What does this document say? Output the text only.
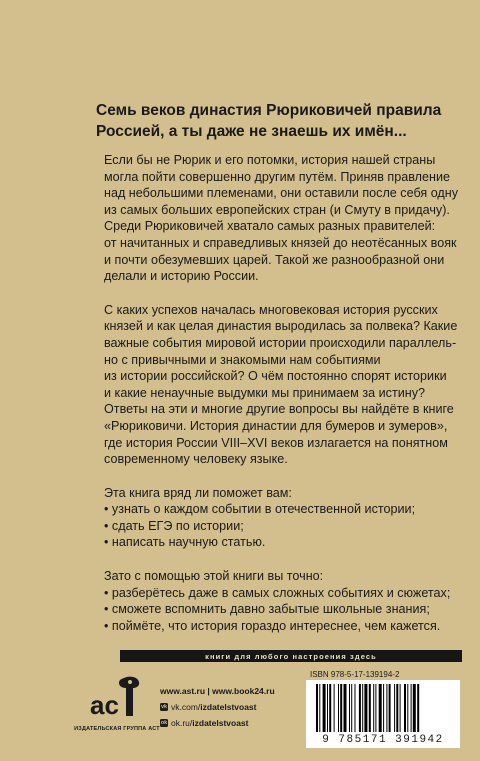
Семь веков династия Рюриковичей правила Россией, а ты даже не знаешь их имён...

Если бы не Рюрик и его потомки, история нашей страны
могла пойти совершенно другим путём. Приняв правление
над небольшими племенами, они оставили после себя одну
из самых больших европейских стран (и Смуту в придачу).
Среди Рюриковичей хватало самых разных правителей:
от начитанных и справедливых князей до неотёсанных вояк
и почти обезумевших царей. Такой же разнообразной они
делали и историю России.

С каких успехов началась многовековая история русских
князей и как целая династия выродилась за полвека? Какие
важные события мировой истории происходили параллель-
но с привычными и знакомыми нам событиями
из истории российской? О чём постоянно спорят историки
и какие ненаучные выдумки мы принимаем за истину?
Ответы на эти и многие другие вопросы вы найдёте в книге
«Рюриковичи. История династии для бумеров и зумеров»,
где история России VIII–XVI веков излагается на понятном
современному человеку языке.

Эта книга вряд ли поможет вам:

• узнать о каждом событии в отечественной истории;
• сдать ЕГЭ по истории;
• написать научную статью.

Зато с помощью этой книги вы точно:

• разберётесь даже в самых сложных событиях и сюжетах;
• сможете вспомнить давно забытые школьные знания;
• поймёте, что история гораздо интереснее, чем кажется.
книги для любого настроения здесь
ас
ИЗДАТЕЛЬСКАЯ ГРУППА АСТ
www.ast.ru | www.book24.ru
vk vk.com/ izdatelstvoast
ok ok.ru/ izdatelstvoast
ISBN 978-5-17-139194-2
9 785171 391942
